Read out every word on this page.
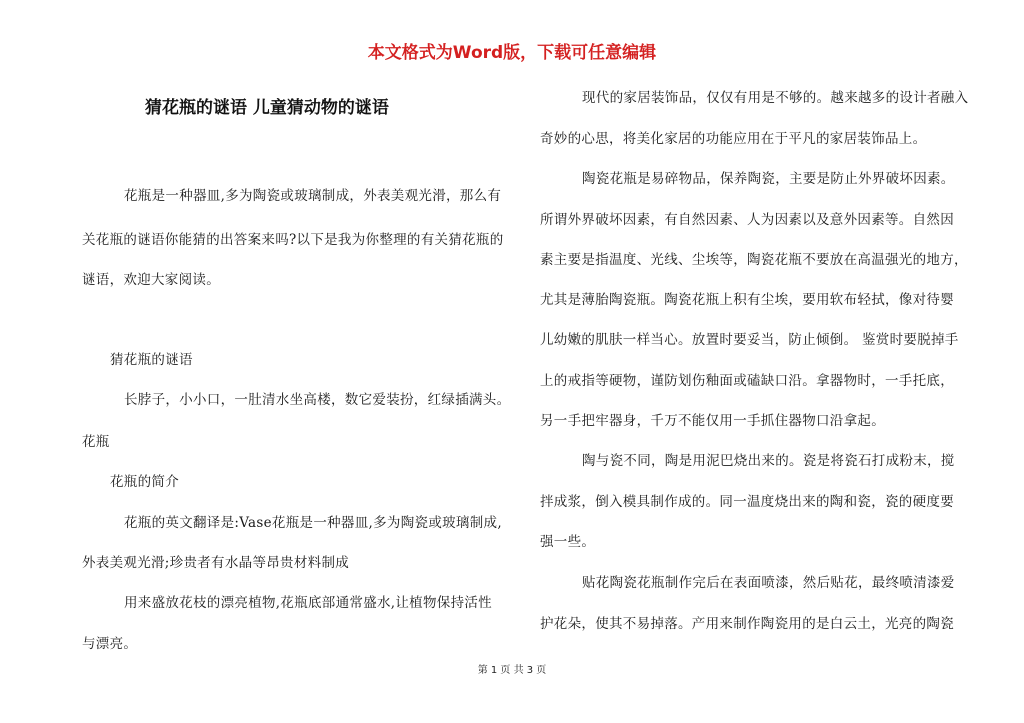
本文格式为Word版，下载可任意编辑
猜花瓶的谜语 儿童猜动物的谜语
花瓶是一种器皿,多为陶瓷或玻璃制成，外表美观光滑，那么有
关花瓶的谜语你能猜的出答案来吗?以下是我为你整理的有关猜花瓶的
谜语，欢迎大家阅读。
猜花瓶的谜语
长脖子，小小口，一肚清水坐高楼，数它爱装扮，红绿插满头。
花瓶
花瓶的简介
花瓶的英文翻译是:Vase花瓶是一种器皿,多为陶瓷或玻璃制成,
外表美观光滑;珍贵者有水晶等昂贵材料制成
用来盛放花枝的漂亮植物,花瓶底部通常盛水,让植物保持活性
与漂亮。
现代的家居装饰品，仅仅有用是不够的。越来越多的设计者融入
奇妙的心思，将美化家居的功能应用在于平凡的家居装饰品上。
陶瓷花瓶是易碎物品，保养陶瓷，主要是防止外界破坏因素。
所谓外界破坏因素，有自然因素、人为因素以及意外因素等。自然因
素主要是指温度、光线、尘埃等，陶瓷花瓶不要放在高温强光的地方，
尤其是薄胎陶瓷瓶。陶瓷花瓶上积有尘埃，要用软布轻拭，像对待婴
儿幼嫩的肌肤一样当心。放置时要妥当，防止倾倒。 鉴赏时要脱掉手
上的戒指等硬物，谨防划伤釉面或磕缺口沿。拿器物时，一手托底，
另一手把牢器身，千万不能仅用一手抓住器物口沿拿起。
陶与瓷不同，陶是用泥巴烧出来的。瓷是将瓷石打成粉末，搅
拌成浆，倒入模具制作成的。同一温度烧出来的陶和瓷，瓷的硬度要
强一些。
贴花陶瓷花瓶制作完后在表面喷漆，然后贴花，最终喷清漆爱
护花朵，使其不易掉落。产用来制作陶瓷用的是白云土，光亮的陶瓷
第 1 页 共 3 页
